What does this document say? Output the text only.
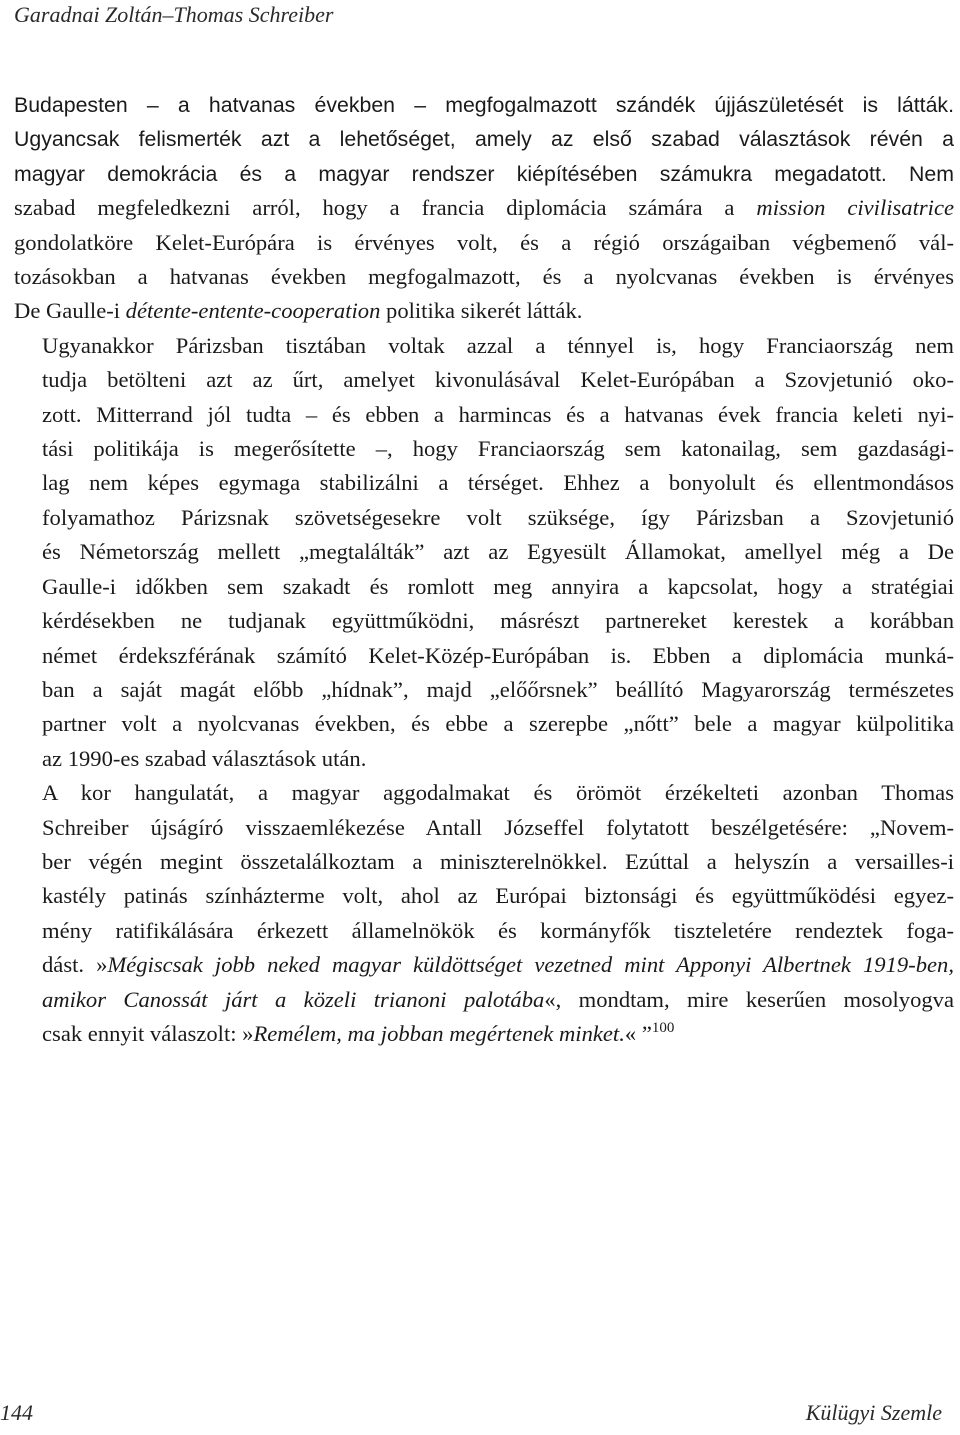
Garadnai Zoltán–Thomas Schreiber

Budapesten – a hatvanas években – megfogalmazott szándék újjászületését is látták.
Ugyancsak felismerték azt a lehetőséget, amely az első szabad választások révén a
magyar demokrácia és a magyar rendszer kiépítésében számukra megadatott. Nem
szabad megfeledkezni arról, hogy a francia diplomácia számára a mission civilisatrice
gondolatköre Kelet-Európára is érvényes volt, és a régió országaiban végbemenő vál-
tozásokban a hatvanas években megfogalmazott, és a nyolcvanas években is érvényes
De Gaulle-i détente-entente-cooperation politika sikerét látták.

Ugyanakkor Párizsban tisztában voltak azzal a ténnyel is, hogy Franciaország nem
tudja betölteni azt az űrt, amelyet kivonulásával Kelet-Európában a Szovjetunió oko-
zott. Mitterrand jól tudta – és ebben a harmincas és a hatvanas évek francia keleti nyi-
tási politikája is megerősítette –, hogy Franciaország sem katonailag, sem gazdasági-
lag nem képes egymaga stabilizálni a térséget. Ehhez a bonyolult és ellentmondásos
folyamathoz Párizsnak szövetségesekre volt szüksége, így Párizsban a Szovjetunió
és Németország mellett „megtalálták” azt az Egyesült Államokat, amellyel még a De
Gaulle-i időkben sem szakadt és romlott meg annyira a kapcsolat, hogy a stratégiai
kérdésekben ne tudjanak együttműködni, másrészt partnereket kerestek a korábban
német érdekszférának számító Kelet-Közép-Európában is. Ebben a diplomácia munká-
ban a saját magát előbb „hídnak”, majd „előőrsnek” beállító Magyarország természetes
partner volt a nyolcvanas években, és ebbe a szerepbe „nőtt” bele a magyar külpolitika
az 1990-es szabad választások után.

A kor hangulatát, a magyar aggodalmakat és örömöt érzékelteti azonban Thomas
Schreiber újságíró visszaemlékezése Antall Józseffel folytatott beszélgetésére: „Novem-
ber végén megint összetalálkoztam a miniszterelnökkel. Ezúttal a helyszín a versailles-i
kastély patinás színházterme volt, ahol az Európai biztonsági és együttműködési egyez-
mény ratifikálására érkezett államelnökök és kormányfők tiszteletére rendeztek foga-
dást. »Mégiscsak jobb neked magyar küldöttséget vezetned mint Apponyi Albertnek 1919-ben,
amikor Canossát járt a közeli trianoni palotába«, mondtam, mire keserűen mosolyogva
csak ennyit válaszolt: »Remélem, ma jobban megértenek minket.« ”$^{100}$

144	Külügyi Szemle
